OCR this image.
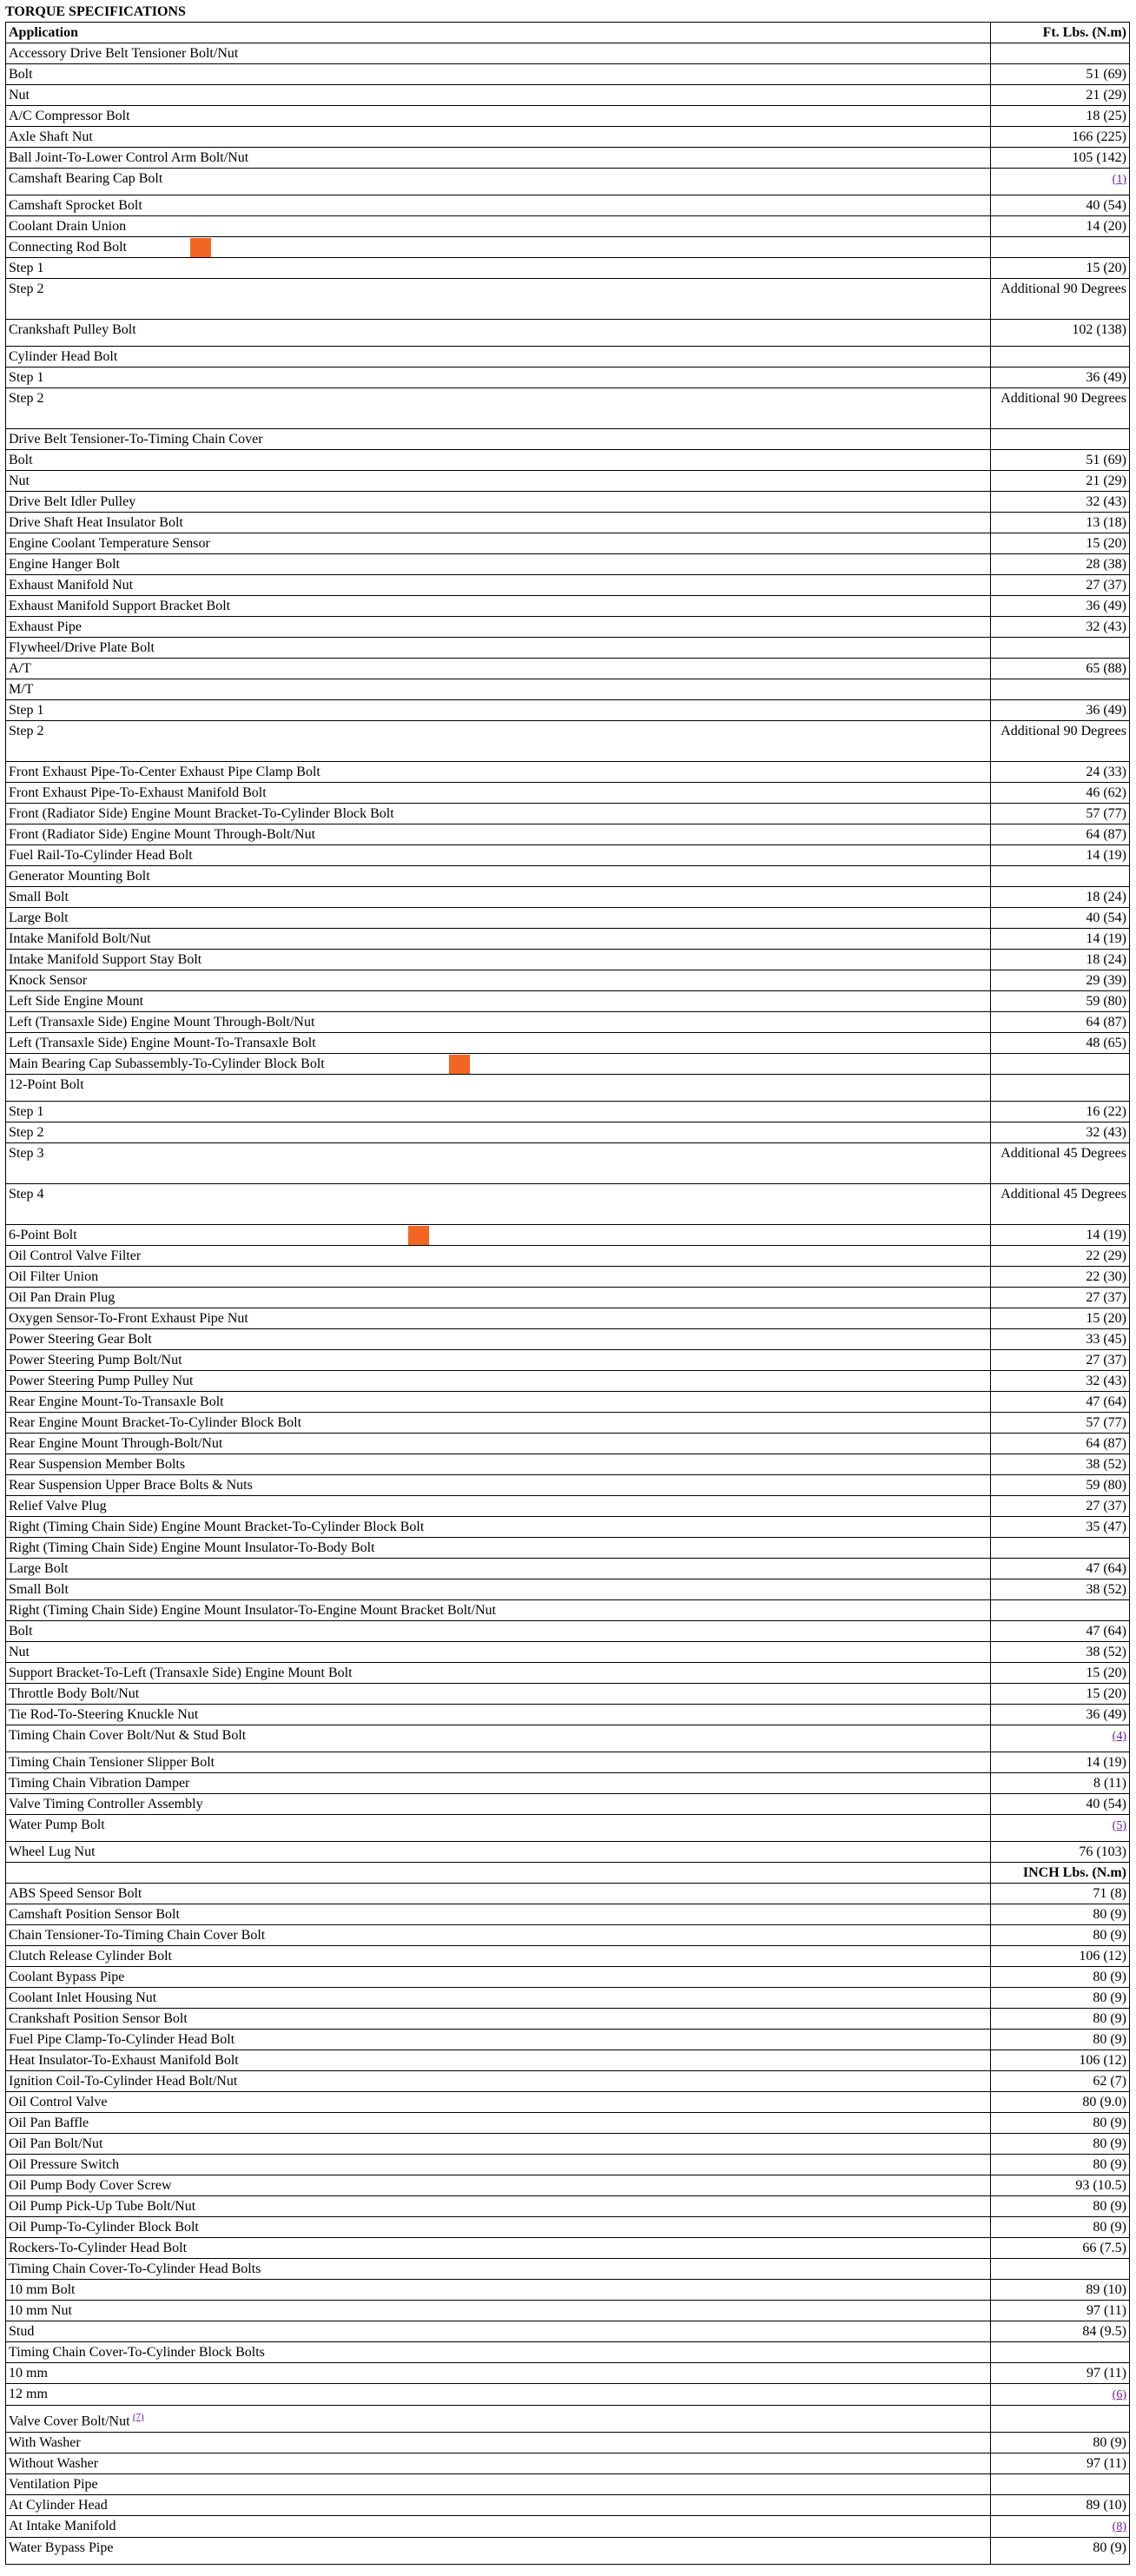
TORQUE SPECIFICATIONS
Application	Ft. Lbs. (N.m)
Accessory Drive Belt Tensioner Bolt/Nut	
Bolt	51 (69)
Nut	21 (29)
A/C Compressor Bolt	18 (25)
Axle Shaft Nut	166 (225)
Ball Joint-To-Lower Control Arm Bolt/Nut	105 (142)
Camshaft Bearing Cap Bolt	(1)
Camshaft Sprocket Bolt	40 (54)
Coolant Drain Union	14 (20)
Connecting Rod Bolt

Step 1	15 (20)
Step 2	Additional 90 Degrees
Crankshaft Pulley Bolt	102 (138)
Cylinder Head Bolt	
Step 1	36 (49)
Step 2	Additional 90 Degrees
Drive Belt Tensioner-To-Timing Chain Cover	
Bolt	51 (69)
Nut	21 (29)
Drive Belt Idler Pulley	32 (43)
Drive Shaft Heat Insulator Bolt	13 (18)
Engine Coolant Temperature Sensor	15 (20)
Engine Hanger Bolt	28 (38)
Exhaust Manifold Nut	27 (37)
Exhaust Manifold Support Bracket Bolt	36 (49)
Exhaust Pipe	32 (43)
Flywheel/Drive Plate Bolt	
A/T	65 (88)
M/T	
Step 1	36 (49)
Step 2	Additional 90 Degrees
Front Exhaust Pipe-To-Center Exhaust Pipe Clamp Bolt	24 (33)
Front Exhaust Pipe-To-Exhaust Manifold Bolt	46 (62)
Front (Radiator Side) Engine Mount Bracket-To-Cylinder Block Bolt	57 (77)
Front (Radiator Side) Engine Mount Through-Bolt/Nut	64 (87)
Fuel Rail-To-Cylinder Head Bolt	14 (19)
Generator Mounting Bolt	
Small Bolt	18 (24)
Large Bolt	40 (54)
Intake Manifold Bolt/Nut	14 (19)
Intake Manifold Support Stay Bolt	18 (24)
Knock Sensor	29 (39)
Left Side Engine Mount	59 (80)
Left (Transaxle Side) Engine Mount Through-Bolt/Nut	64 (87)
Left (Transaxle Side) Engine Mount-To-Transaxle Bolt	48 (65)
Main Bearing Cap Subassembly-To-Cylinder Block Bolt

12-Point Bolt	
Step 1	16 (22)
Step 2	32 (43)
Step 3	Additional 45 Degrees
Step 4	Additional 45 Degrees
6-Point Bolt	14 (19)
Oil Control Valve Filter	22 (29)
Oil Filter Union	22 (30)
Oil Pan Drain Plug	27 (37)
Oxygen Sensor-To-Front Exhaust Pipe Nut	15 (20)
Power Steering Gear Bolt	33 (45)
Power Steering Pump Bolt/Nut	27 (37)
Power Steering Pump Pulley Nut	32 (43)
Rear Engine Mount-To-Transaxle Bolt	47 (64)
Rear Engine Mount Bracket-To-Cylinder Block Bolt	57 (77)
Rear Engine Mount Through-Bolt/Nut	64 (87)
Rear Suspension Member Bolts	38 (52)
Rear Suspension Upper Brace Bolts & Nuts	59 (80)
Relief Valve Plug	27 (37)
Right (Timing Chain Side) Engine Mount Bracket-To-Cylinder Block Bolt	35 (47)
Right (Timing Chain Side) Engine Mount Insulator-To-Body Bolt	
Large Bolt	47 (64)
Small Bolt	38 (52)
Right (Timing Chain Side) Engine Mount Insulator-To-Engine Mount Bracket Bolt/Nut	
Bolt	47 (64)
Nut	38 (52)
Support Bracket-To-Left (Transaxle Side) Engine Mount Bolt	15 (20)
Throttle Body Bolt/Nut	15 (20)
Tie Rod-To-Steering Knuckle Nut	36 (49)
Timing Chain Cover Bolt/Nut & Stud Bolt	(4)
Timing Chain Tensioner Slipper Bolt	14 (19)
Timing Chain Vibration Damper	8 (11)
Valve Timing Controller Assembly	40 (54)
Water Pump Bolt	(5)
Wheel Lug Nut	76 (103)
	INCH Lbs. (N.m)
ABS Speed Sensor Bolt	71 (8)
Camshaft Position Sensor Bolt	80 (9)
Chain Tensioner-To-Timing Chain Cover Bolt	80 (9)
Clutch Release Cylinder Bolt	106 (12)
Coolant Bypass Pipe	80 (9)
Coolant Inlet Housing Nut	80 (9)
Crankshaft Position Sensor Bolt	80 (9)
Fuel Pipe Clamp-To-Cylinder Head Bolt	80 (9)
Heat Insulator-To-Exhaust Manifold Bolt	106 (12)
Ignition Coil-To-Cylinder Head Bolt/Nut	62 (7)
Oil Control Valve	80 (9.0)
Oil Pan Baffle	80 (9)
Oil Pan Bolt/Nut	80 (9)
Oil Pressure Switch	80 (9)
Oil Pump Body Cover Screw	93 (10.5)
Oil Pump Pick-Up Tube Bolt/Nut	80 (9)
Oil Pump-To-Cylinder Block Bolt	80 (9)
Rockers-To-Cylinder Head Bolt	66 (7.5)
Timing Chain Cover-To-Cylinder Head Bolts	
10 mm Bolt	89 (10)
10 mm Nut	97 (11)
Stud	84 (9.5)
Timing Chain Cover-To-Cylinder Block Bolts	
10 mm	97 (11)
12 mm	(6)
Valve Cover Bolt/Nut $^{(7)}$	
With Washer	80 (9)
Without Washer	97 (11)
Ventilation Pipe	
At Cylinder Head	89 (10)
At Intake Manifold	(8)
Water Bypass Pipe	80 (9)
